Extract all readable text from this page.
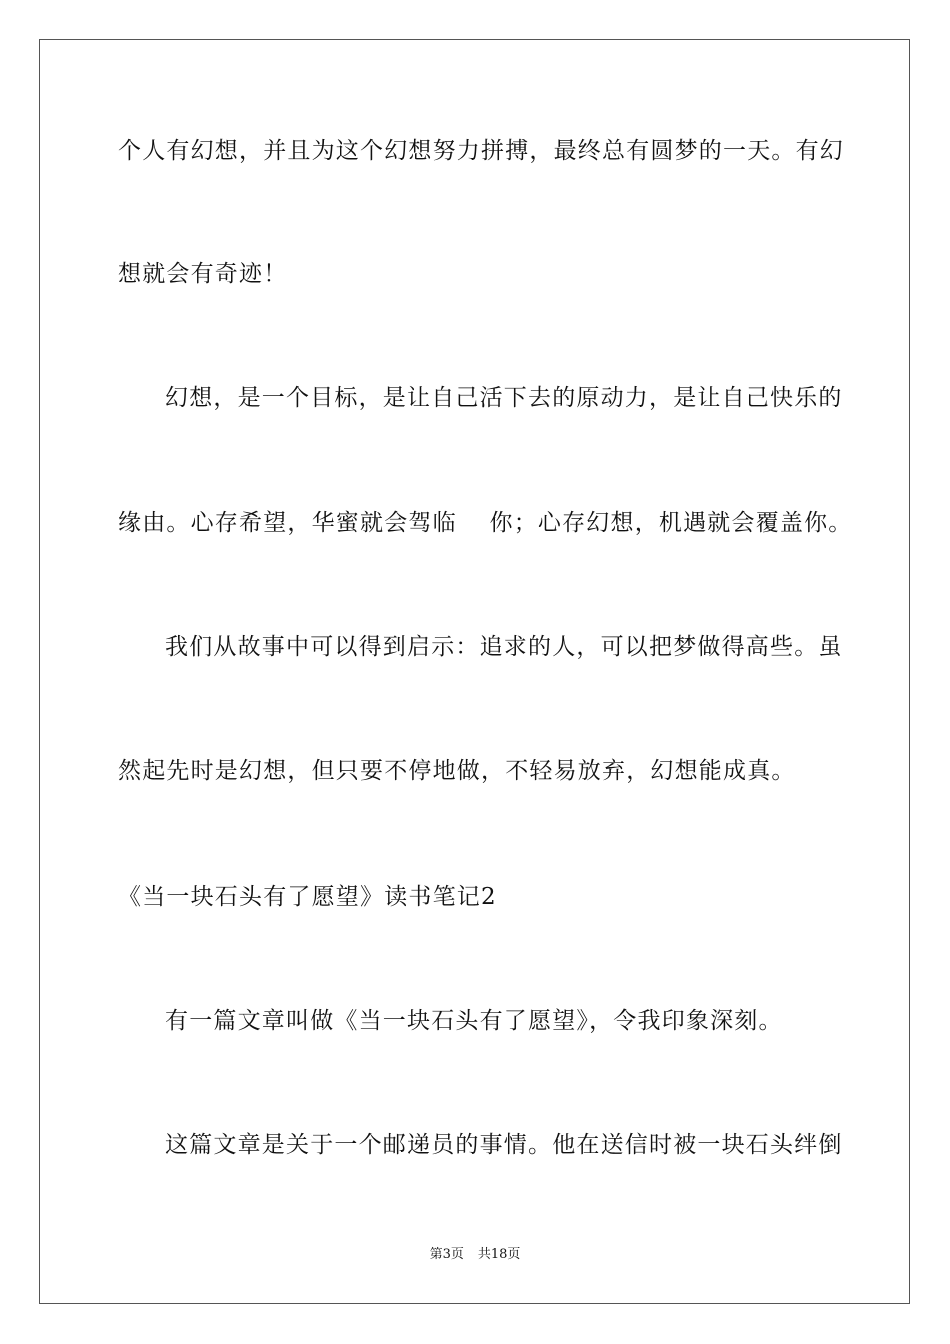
个人有幻想，并且为这个幻想努力拼搏，最终总有圆梦的一天。有幻
想就会有奇迹！
幻想，是一个目标，是让自己活下去的原动力，是让自己快乐的
缘由。心存希望，华蜜就会驾临　 你；心存幻想，机遇就会覆盖你。
我们从故事中可以得到启示：追求的人，可以把梦做得高些。虽
然起先时是幻想，但只要不停地做，不轻易放弃，幻想能成真。
《当一块石头有了愿望》读书笔记2
有一篇文章叫做《当一块石头有了愿望》，令我印象深刻。
这篇文章是关于一个邮递员的事情。他在送信时被一块石头绊倒
第3页 共18页
